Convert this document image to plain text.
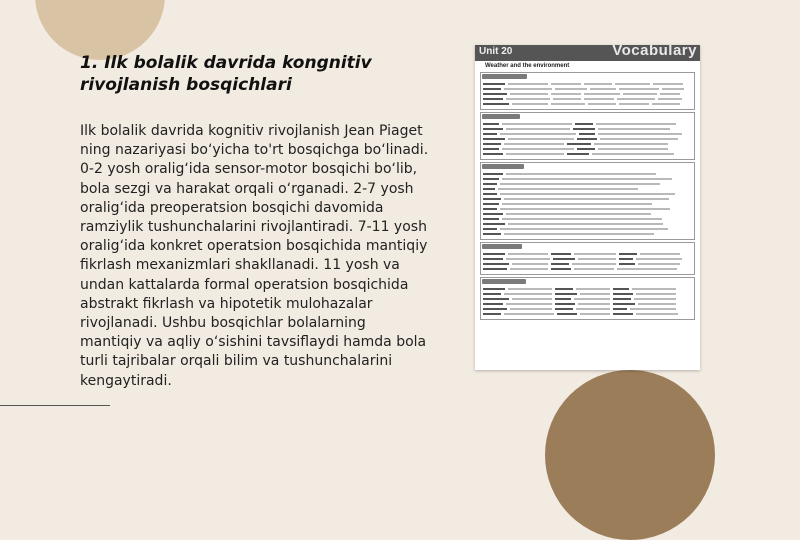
1. Ilk bolalik davrida kongnitiv rivojlanish bosqichlari

Ilk bolalik davrida kognitiv rivojlanish Jean Piaget ning nazariyasi bo‘yicha to'rt bosqichga bo‘linadi. 0-2 yosh oralig‘ida sensor-motor bosqichi bo‘lib, bola sezgi va harakat orqali o‘rganadi. 2-7 yosh oralig‘ida preoperatsion bosqichi davomida ramziylik tushunchalarini rivojlantiradi. 7-11 yosh oralig‘ida konkret operatsion bosqichida mantiqiy fikrlash mexanizmlari shakllanadi. 11 yosh va undan kattalarda formal operatsion bosqichida abstrakt fikrlash va hipotetik mulohazalar rivojlanadi. Ushbu bosqichlar bolalarning mantiqiy va aqliy o‘sishini tavsiflaydi hamda bola turli tajribalar orqali bilim va tushunchalarini kengaytiradi.

Unit 20	Vocabulary
Weather and the environment
